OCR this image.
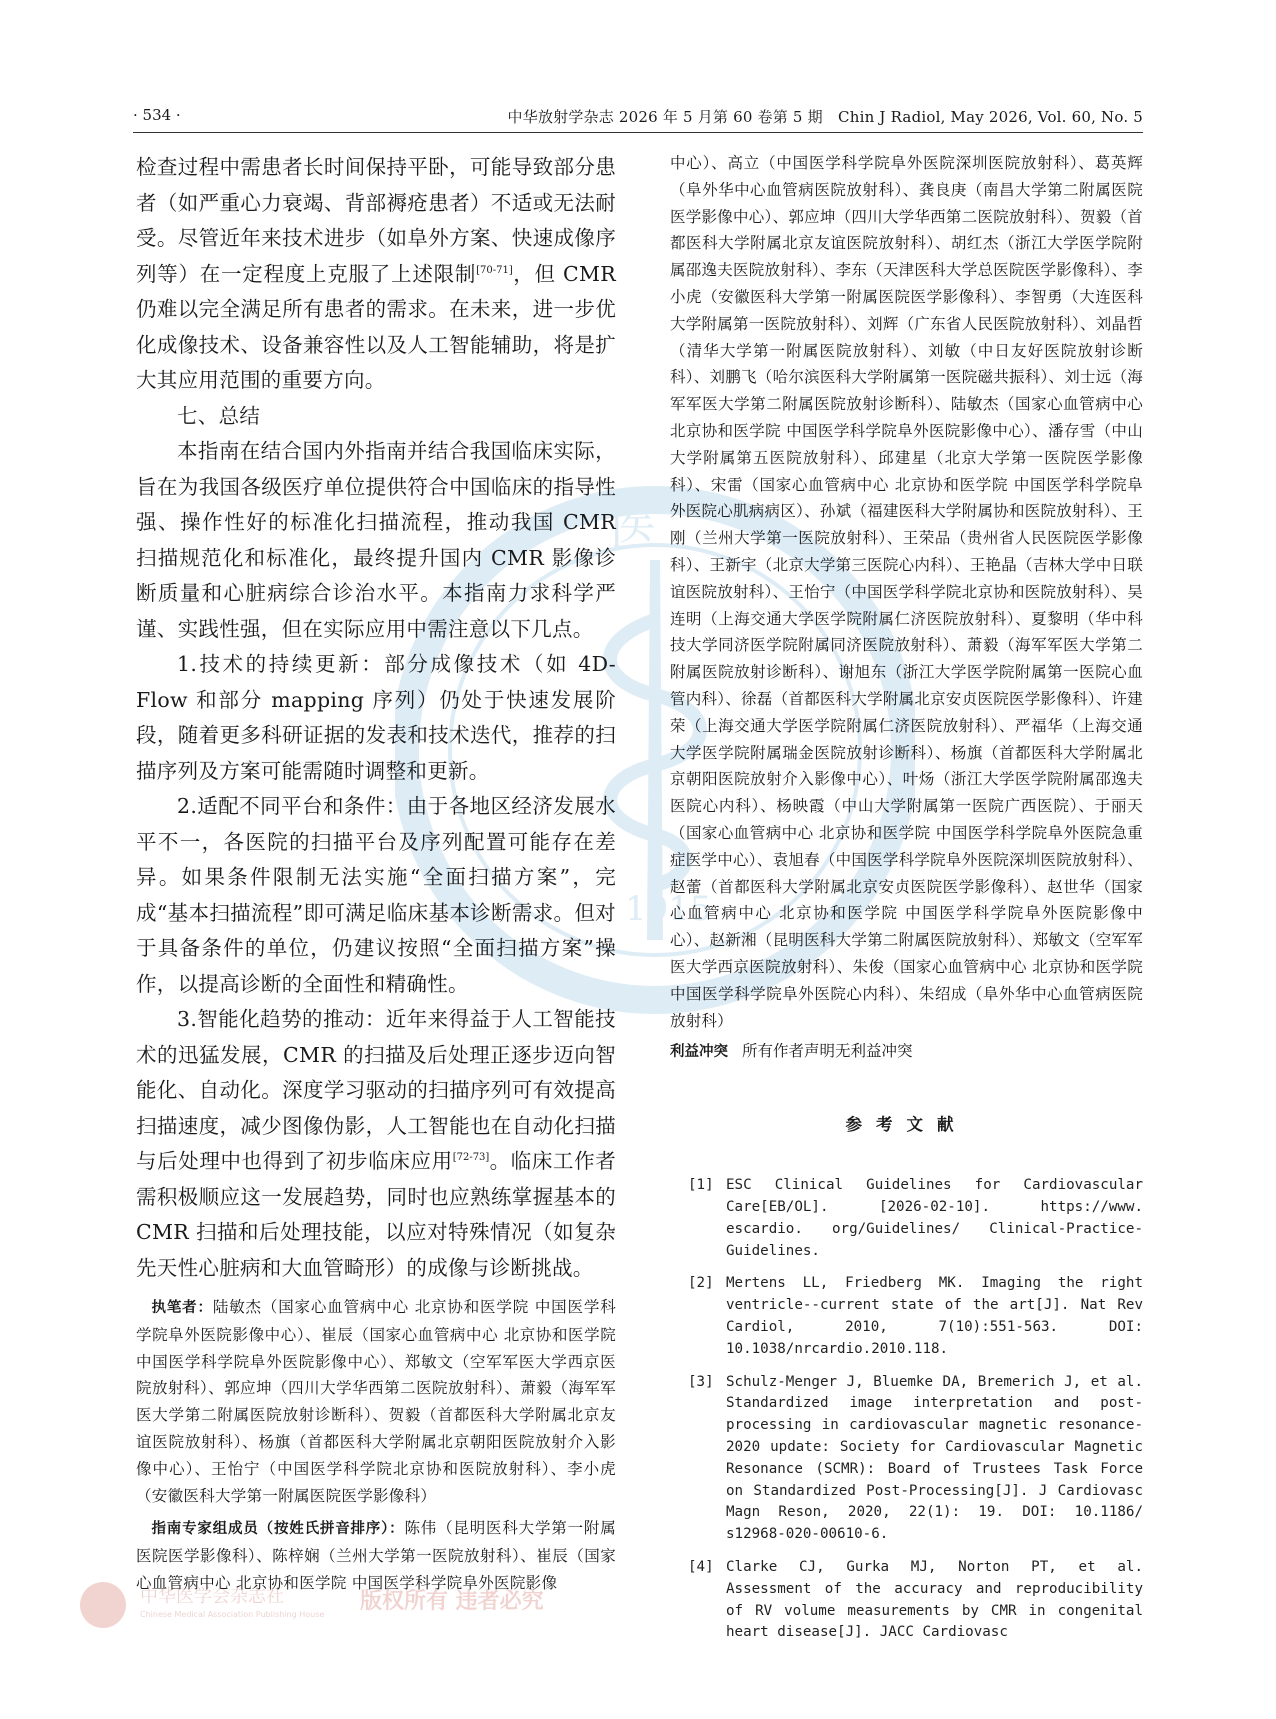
· 534 ·	中华放射学杂志 2026 年 5 月第 60 卷第 5 期　Chin J Radiol, May 2026, Vol. 60, No. 5
医
1915

检查过程中需患者长时间保持平卧，可能导致部分患者（如严重心力衰竭、背部褥疮患者）不适或无法耐受。尽管近年来技术进步（如阜外方案、快速成像序列等）在一定程度上克服了上述限制[70-71]，但 CMR 仍难以完全满足所有患者的需求。在未来，进一步优化成像技术、设备兼容性以及人工智能辅助，将是扩大其应用范围的重要方向。

七、总结

本指南在结合国内外指南并结合我国临床实际，旨在为我国各级医疗单位提供符合中国临床的指导性强、操作性好的标准化扫描流程，推动我国 CMR 扫描规范化和标准化，最终提升国内 CMR 影像诊断质量和心脏病综合诊治水平。本指南力求科学严谨、实践性强，但在实际应用中需注意以下几点。

1.技术的持续更新：部分成像技术（如 4D-Flow 和部分 mapping 序列）仍处于快速发展阶段，随着更多科研证据的发表和技术迭代，推荐的扫描序列及方案可能需随时调整和更新。

2.适配不同平台和条件：由于各地区经济发展水平不一，各医院的扫描平台及序列配置可能存在差异。如果条件限制无法实施“全面扫描方案”，完成“基本扫描流程”即可满足临床基本诊断需求。但对于具备条件的单位，仍建议按照“全面扫描方案”操作，以提高诊断的全面性和精确性。

3.智能化趋势的推动：近年来得益于人工智能技术的迅猛发展，CMR 的扫描及后处理正逐步迈向智能化、自动化。深度学习驱动的扫描序列可有效提高扫描速度，减少图像伪影，人工智能也在自动化扫描与后处理中也得到了初步临床应用[72-73]。临床工作者需积极顺应这一发展趋势，同时也应熟练掌握基本的 CMR 扫描和后处理技能，以应对特殊情况（如复杂先天性心脏病和大血管畸形）的成像与诊断挑战。

执笔者：陆敏杰（国家心血管病中心 北京协和医学院 中国医学科学院阜外医院影像中心）、崔辰（国家心血管病中心 北京协和医学院 中国医学科学院阜外医院影像中心）、郑敏文（空军军医大学西京医院放射科）、郭应坤（四川大学华西第二医院放射科）、萧毅（海军军医大学第二附属医院放射诊断科）、贺毅（首都医科大学附属北京友谊医院放射科）、杨旗（首都医科大学附属北京朝阳医院放射介入影像中心）、王怡宁（中国医学科学院北京协和医院放射科）、李小虎（安徽医科大学第一附属医院医学影像科）

指南专家组成员（按姓氏拼音排序）：陈伟（昆明医科大学第一附属医院医学影像科）、陈梓娴（兰州大学第一医院放射科）、崔辰（国家心血管病中心 北京协和医学院 中国医学科学院阜外医院影像

中心）、高立（中国医学科学院阜外医院深圳医院放射科）、葛英辉（阜外华中心血管病医院放射科）、龚良庚（南昌大学第二附属医院医学影像中心）、郭应坤（四川大学华西第二医院放射科）、贺毅（首都医科大学附属北京友谊医院放射科）、胡红杰（浙江大学医学院附属邵逸夫医院放射科）、李东（天津医科大学总医院医学影像科）、李小虎（安徽医科大学第一附属医院医学影像科）、李智勇（大连医科大学附属第一医院放射科）、刘辉（广东省人民医院放射科）、刘晶哲（清华大学第一附属医院放射科）、刘敏（中日友好医院放射诊断科）、刘鹏飞（哈尔滨医科大学附属第一医院磁共振科）、刘士远（海军军医大学第二附属医院放射诊断科）、陆敏杰（国家心血管病中心 北京协和医学院 中国医学科学院阜外医院影像中心）、潘存雪（中山大学附属第五医院放射科）、邱建星（北京大学第一医院医学影像科）、宋雷（国家心血管病中心 北京协和医学院 中国医学科学院阜外医院心肌病病区）、孙斌（福建医科大学附属协和医院放射科）、王刚（兰州大学第一医院放射科）、王荣品（贵州省人民医院医学影像科）、王新宇（北京大学第三医院心内科）、王艳晶（吉林大学中日联谊医院放射科）、王怡宁（中国医学科学院北京协和医院放射科）、吴连明（上海交通大学医学院附属仁济医院放射科）、夏黎明（华中科技大学同济医学院附属同济医院放射科）、萧毅（海军军医大学第二附属医院放射诊断科）、谢旭东（浙江大学医学院附属第一医院心血管内科）、徐磊（首都医科大学附属北京安贞医院医学影像科）、许建荣（上海交通大学医学院附属仁济医院放射科）、严福华（上海交通大学医学院附属瑞金医院放射诊断科）、杨旗（首都医科大学附属北京朝阳医院放射介入影像中心）、叶炀（浙江大学医学院附属邵逸夫医院心内科）、杨映霞（中山大学附属第一医院广西医院）、于丽天（国家心血管病中心 北京协和医学院 中国医学科学院阜外医院急重症医学中心）、袁旭春（中国医学科学院阜外医院深圳医院放射科）、赵蕾（首都医科大学附属北京安贞医院医学影像科）、赵世华（国家心血管病中心 北京协和医学院 中国医学科学院阜外医院影像中心）、赵新湘（昆明医科大学第二附属医院放射科）、郑敏文（空军军医大学西京医院放射科）、朱俊（国家心血管病中心 北京协和医学院 中国医学科学院阜外医院心内科）、朱绍成（阜外华中心血管病医院放射科）

利益冲突 所有作者声明无利益冲突
参考文献
[1] ESC Clinical Guidelines for Cardiovascular Care[EB/OL]. [2026-02-10]. https://www. escardio. org/Guidelines/ Clinical-Practice-Guidelines.
[2] Mertens LL, Friedberg MK. Imaging the right ventricle--current state of the art[J]. Nat Rev Cardiol, 2010, 7(10):551-563. DOI: 10.1038/nrcardio.2010.118.
[3] Schulz-Menger J, Bluemke DA, Bremerich J, et al. Standardized image interpretation and post-processing in cardiovascular magnetic resonance-2020 update: Society for Cardiovascular Magnetic Resonance (SCMR): Board of Trustees Task Force on Standardized Post-Processing[J]. J Cardiovasc Magn Reson, 2020, 22(1): 19. DOI: 10.1186/ s12968-020-00610-6.
[4] Clarke CJ, Gurka MJ, Norton PT, et al. Assessment of the accuracy and reproducibility of RV volume measurements by CMR in congenital heart disease[J]. JACC Cardiovasc
中华医学会杂志社
Chinese Medical Association Publishing House
版权所有 违者必究
